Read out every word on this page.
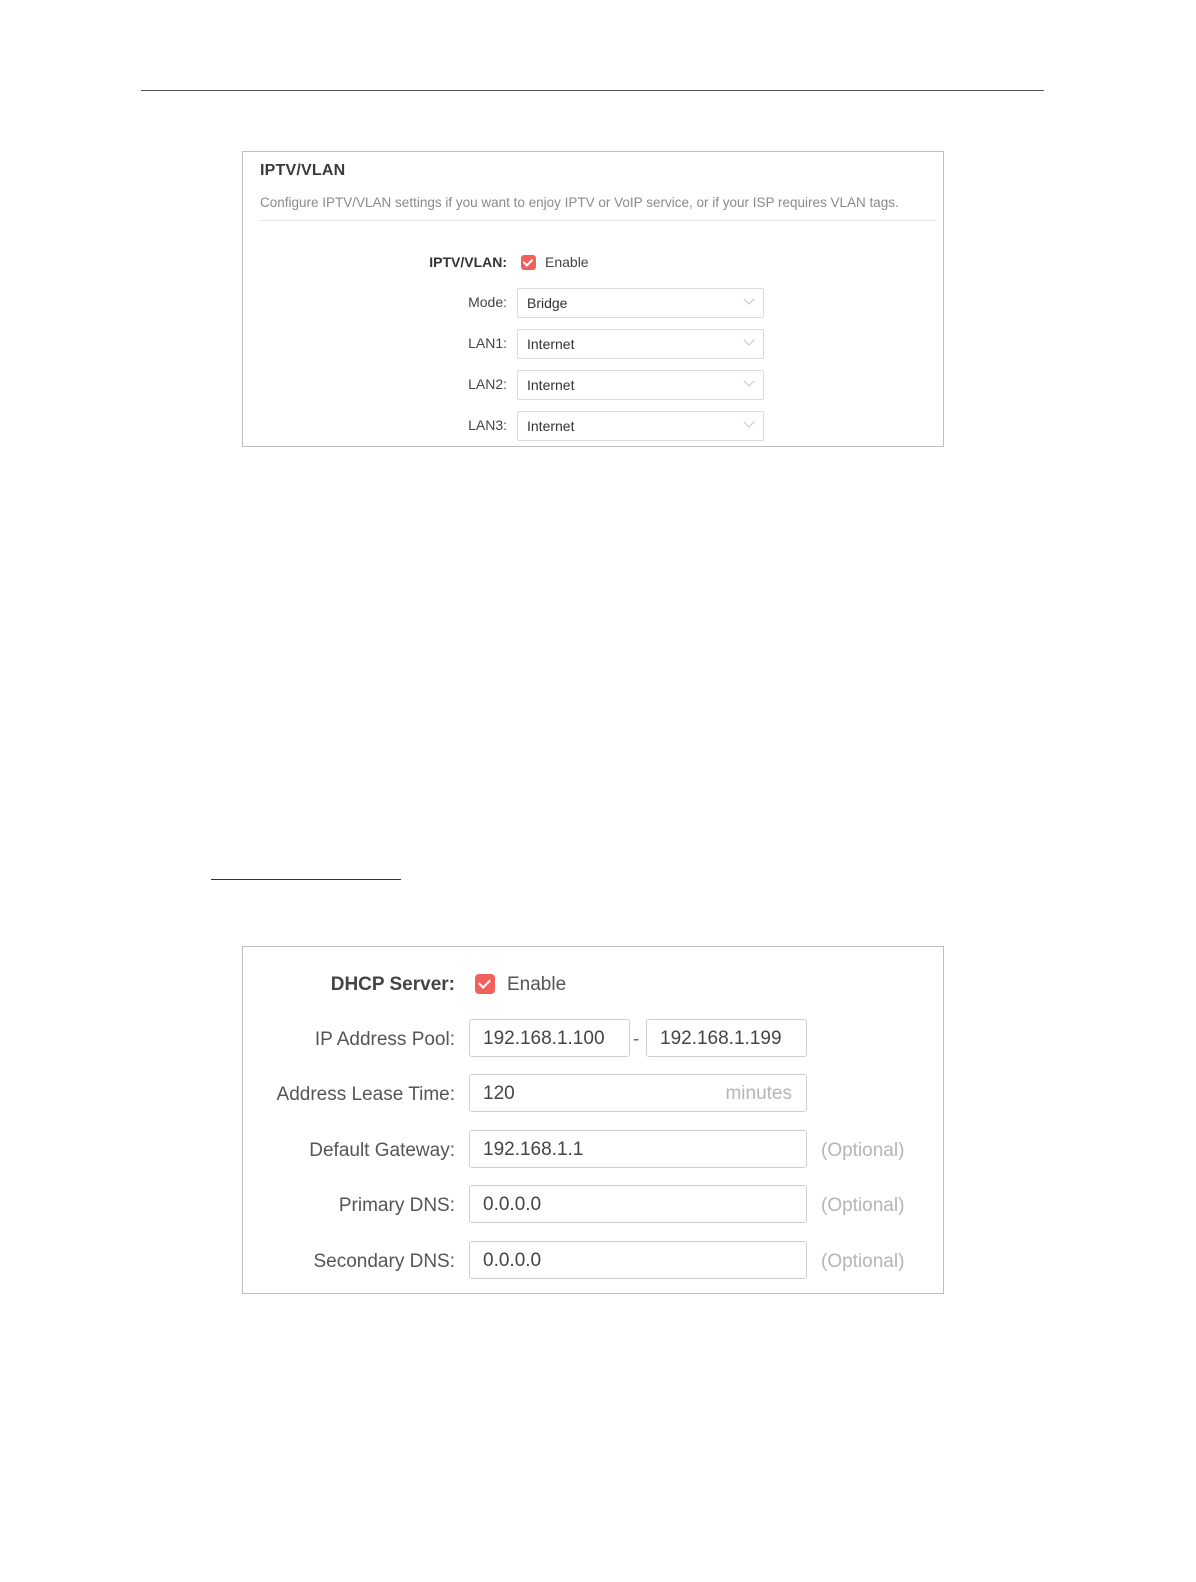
IPTV/VLAN
Configure IPTV/VLAN settings if you want to enjoy IPTV or VoIP service, or if your ISP requires VLAN tags.
IPTV/VLAN:	Enable
Mode: Bridge
LAN1: Internet
LAN2: Internet
LAN3: Internet
DHCP Server:	Enable
IP Address Pool: 192.168.1.100 - 192.168.1.199
Address Lease Time: 120	minutes
Default Gateway: 192.168.1.1	(Optional)
Primary DNS: 0.0.0.0	(Optional)
Secondary DNS: 0.0.0.0	(Optional)
